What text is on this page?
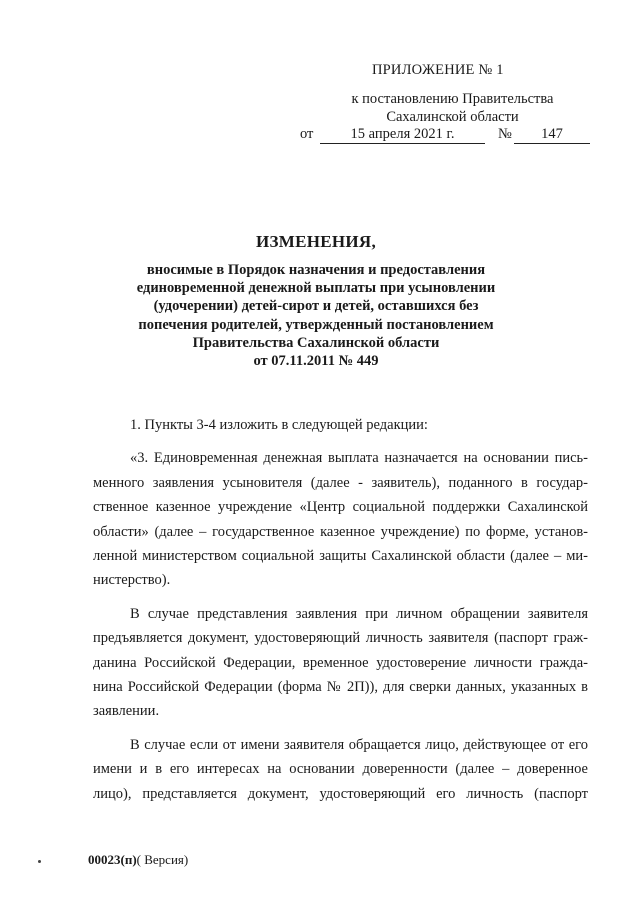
ПРИЛОЖЕНИЕ № 1
к постановлению Правительства
Сахалинской области
от	15 апреля 2021 г.	№	147
ИЗМЕНЕНИЯ,
вносимые в Порядок назначения и предоставления
единовременной денежной выплаты при усыновлении
(удочерении) детей-сирот и детей, оставшихся без
попечения родителей, утвержденный постановлением
Правительства Сахалинской области
от 07.11.2011 № 449
1. Пункты 3-4 изложить в следующей редакции:
«3. Единовременная денежная выплата назначается на основании пись-
менного заявления усыновителя (далее - заявитель), поданного в государ-
ственное казенное учреждение «Центр социальной поддержки Сахалинской
области» (далее – государственное казенное учреждение) по форме, установ-
ленной министерством социальной защиты Сахалинской области (далее – ми-
нистерство).
В случае представления заявления при личном обращении заявителя
предъявляется документ, удостоверяющий личность заявителя (паспорт граж-
данина Российской Федерации, временное удостоверение личности гражда-
нина Российской Федерации (форма № 2П)), для сверки данных, указанных в
заявлении.
В случае если от имени заявителя обращается лицо, действующее от его
имени и в его интересах на основании доверенности (далее – доверенное
лицо), представляется документ, удостоверяющий его личность (паспорт
00023(п)( Версия)
